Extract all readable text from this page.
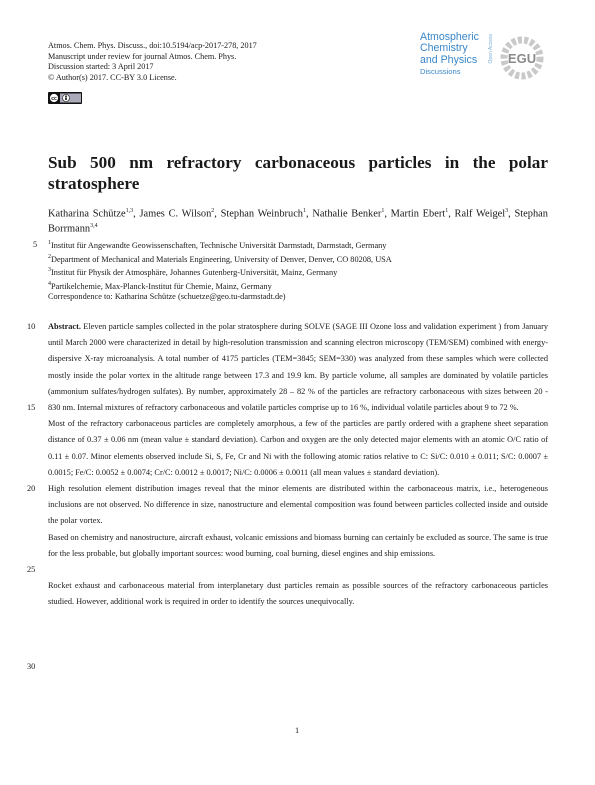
Atmos. Chem. Phys. Discuss., doi:10.5194/acp-2017-278, 2017
Manuscript under review for journal Atmos. Chem. Phys.
Discussion started: 3 April 2017
© Author(s) 2017. CC-BY 3.0 License.
cc
Atmospheric
Chemistry
and Physics
Discussions
Open Access EGU
Sub 500 nm refractory carbonaceous particles in the polar stratosphere
Katharina Schütze$^{1,3}$, James C. Wilson$^2$, Stephan Weinbruch$^1$, Nathalie Benker$^1$, Martin Ebert$^1$, Ralf Weigel$^3$, Stephan Borrmann$^{3,4}$
$^1$Institut für Angewandte Geowissenschaften, Technische Universität Darmstadt, Darmstadt, Germany
$^2$Department of Mechanical and Materials Engineering, University of Denver, Denver, CO 80208, USA
$^3$Institut für Physik der Atmosphäre, Johannes Gutenberg-Universität, Mainz, Germany
$^4$Partikelchemie, Max-Planck-Institut für Chemie, Mainz, Germany
Correspondence to: Katharina Schütze (schuetze@geo.tu-darmstadt.de)
5
10
15
20
25
30

Abstract. Eleven particle samples collected in the polar stratosphere during SOLVE (SAGE III Ozone loss and validation experiment ) from January until March 2000 were characterized in detail by high-resolution transmission and scanning electron microscopy (TEM/SEM) combined with energy-dispersive X-ray microanalysis. A total number of 4175 particles (TEM=3845; SEM=330) was analyzed from these samples which were collected mostly inside the polar vortex in the altitude range between 17.3 and 19.9 km. By particle volume, all samples are dominated by volatile particles (ammonium sulfates/hydrogen sulfates). By number, approximately 28 – 82 % of the particles are refractory carbonaceous with sizes between 20 - 830 nm. Internal mixtures of refractory carbonaceous and volatile particles comprise up to 16 %, individual volatile particles about 9 to 72 %.

Most of the refractory carbonaceous particles are completely amorphous, a few of the particles are partly ordered with a graphene sheet separation distance of 0.37 ± 0.06 nm (mean value ± standard deviation). Carbon and oxygen are the only detected major elements with an atomic O/C ratio of 0.11 ± 0.07. Minor elements observed include Si, S, Fe, Cr and Ni with the following atomic ratios relative to C: Si/C: 0.010 ± 0.011; S/C: 0.0007 ± 0.0015; Fe/C: 0.0052 ± 0.0074; Cr/C: 0.0012 ± 0.0017; Ni/C: 0.0006 ± 0.0011 (all mean values ± standard deviation).

High resolution element distribution images reveal that the minor elements are distributed within the carbonaceous matrix, i.e., heterogeneous inclusions are not observed. No difference in size, nanostructure and elemental composition was found between particles collected inside and outside the polar vortex.

Based on chemistry and nanostructure, aircraft exhaust, volcanic emissions and biomass burning can certainly be excluded as source. The same is true for the less probable, but globally important sources: wood burning, coal burning, diesel engines and ship emissions.

Rocket exhaust and carbonaceous material from interplanetary dust particles remain as possible sources of the refractory carbonaceous particles studied. However, additional work is required in order to identify the sources unequivocally.

1
